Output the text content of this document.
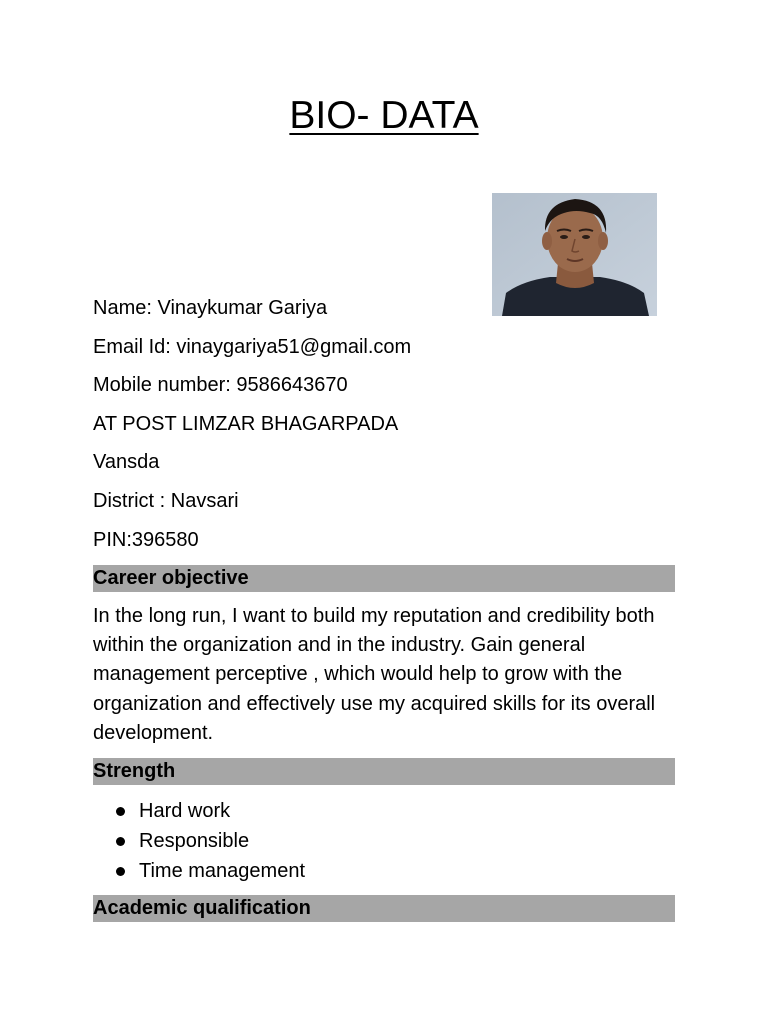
BIO- DATA
Name: Vinaykumar Gariya
Email Id: vinaygariya51@gmail.com
Mobile number: 9586643670
AT POST LIMZAR BHAGARPADA
Vansda
District : Navsari
PIN:396580
Career objective

In the long run, I want to build my reputation and credibility both within the organization and in the industry. Gain general management perceptive , which would help to grow with the organization and effectively use my acquired skills for its overall development.

Strength
Hard work
Responsible
Time management
Academic qualification
